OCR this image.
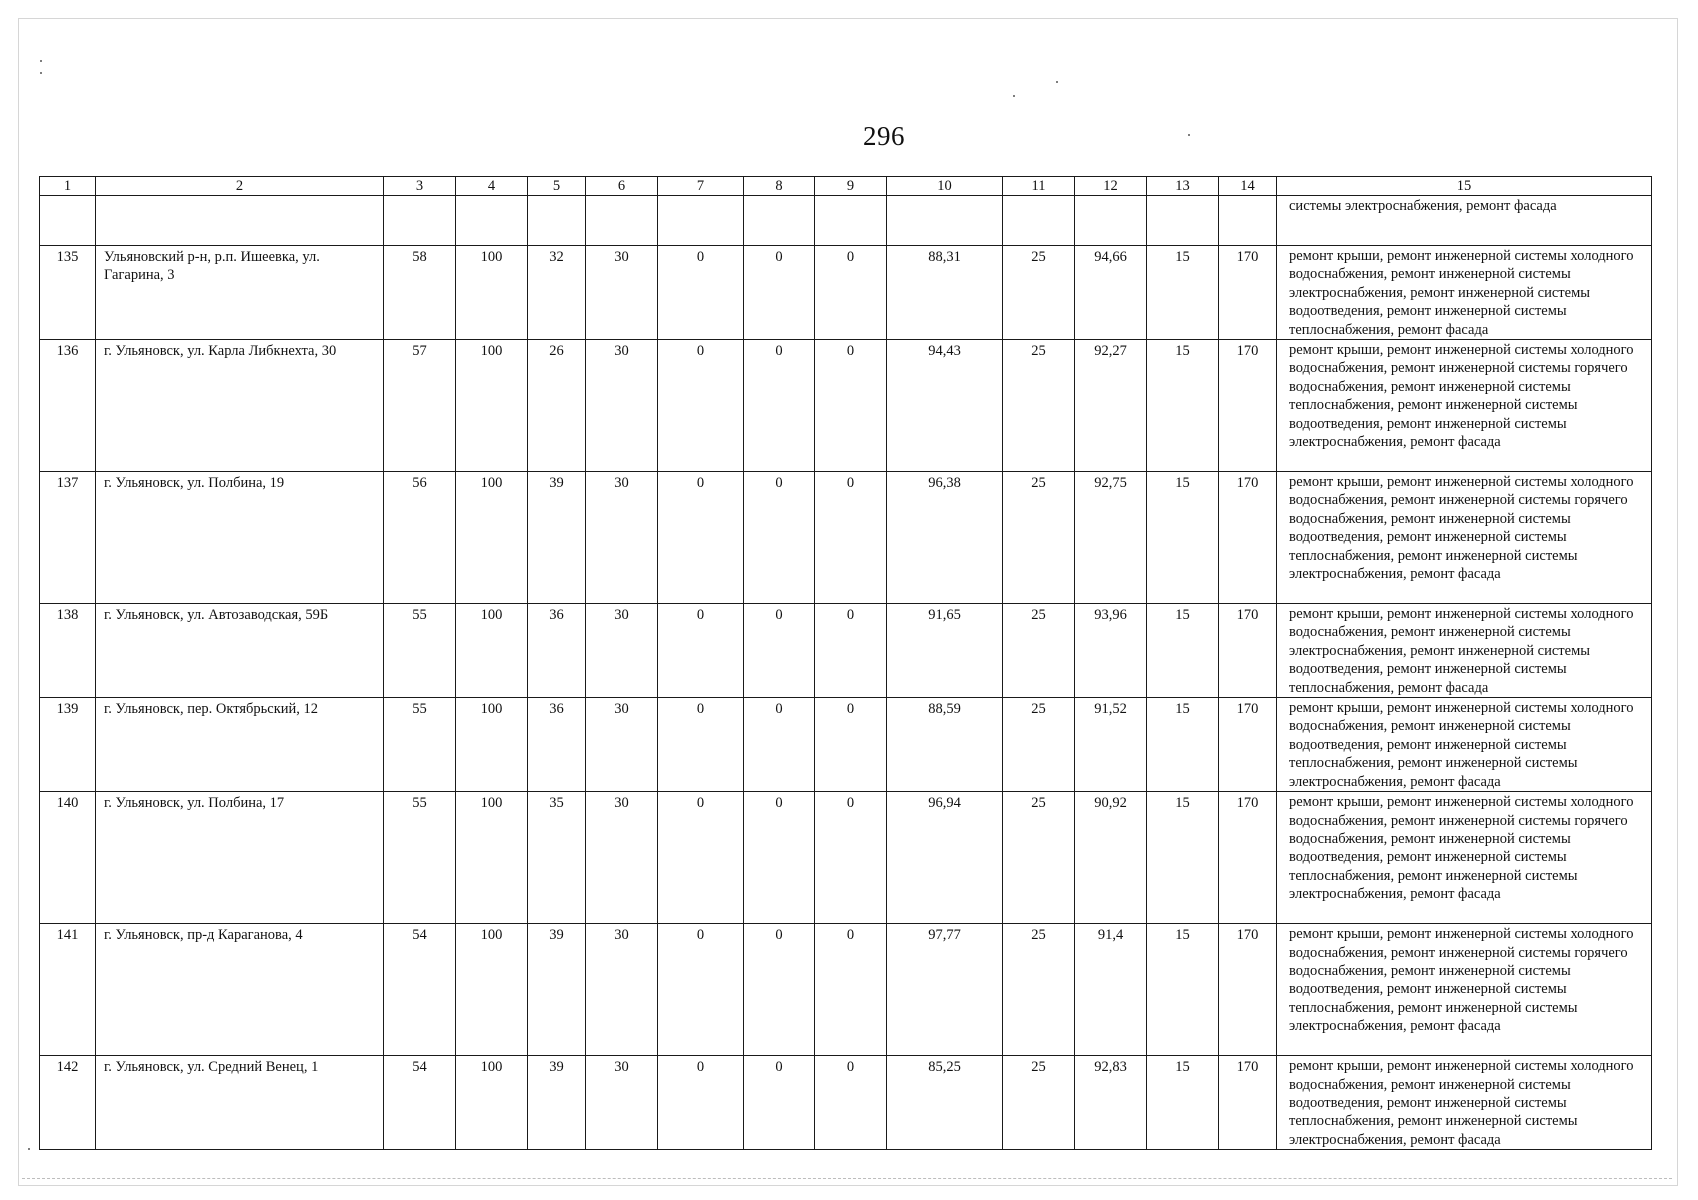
296
1	2	3	4	5	6	7	8	9	10	11	12	13	14	15
														системы электроснабжения, ремонт фасада
135	Ульяновский р-н, р.п. Ишеевка, ул. Гагарина, 3	58	100	32	30	0	0	0	88,31	25	94,66	15	170	ремонт крыши, ремонт инженерной системы холодного водоснабжения, ремонт инженерной системы электроснабжения, ремонт инженерной системы водоотведения, ремонт инженерной системы теплоснабжения, ремонт фасада
136	г. Ульяновск, ул. Карла Либкнехта, 30	57	100	26	30	0	0	0	94,43	25	92,27	15	170	ремонт крыши, ремонт инженерной системы холодного водоснабжения, ремонт инженерной системы горячего водоснабжения, ремонт инженерной системы теплоснабжения, ремонт инженерной системы водоотведения, ремонт инженерной системы электроснабжения, ремонт фасада
137	г. Ульяновск, ул. Полбина, 19	56	100	39	30	0	0	0	96,38	25	92,75	15	170	ремонт крыши, ремонт инженерной системы холодного водоснабжения, ремонт инженерной системы горячего водоснабжения, ремонт инженерной системы водоотведения, ремонт инженерной системы теплоснабжения, ремонт инженерной системы электроснабжения, ремонт фасада
138	г. Ульяновск, ул. Автозаводская, 59Б	55	100	36	30	0	0	0	91,65	25	93,96	15	170	ремонт крыши, ремонт инженерной системы холодного водоснабжения, ремонт инженерной системы электроснабжения, ремонт инженерной системы водоотведения, ремонт инженерной системы теплоснабжения, ремонт фасада
139	г. Ульяновск, пер. Октябрьский, 12	55	100	36	30	0	0	0	88,59	25	91,52	15	170	ремонт крыши, ремонт инженерной системы холодного водоснабжения, ремонт инженерной системы водоотведения, ремонт инженерной системы теплоснабжения, ремонт инженерной системы электроснабжения, ремонт фасада
140	г. Ульяновск, ул. Полбина, 17	55	100	35	30	0	0	0	96,94	25	90,92	15	170	ремонт крыши, ремонт инженерной системы холодного водоснабжения, ремонт инженерной системы горячего водоснабжения, ремонт инженерной системы водоотведения, ремонт инженерной системы теплоснабжения, ремонт инженерной системы электроснабжения, ремонт фасада
141	г. Ульяновск, пр-д Караганова, 4	54	100	39	30	0	0	0	97,77	25	91,4	15	170	ремонт крыши, ремонт инженерной системы холодного водоснабжения, ремонт инженерной системы горячего водоснабжения, ремонт инженерной системы водоотведения, ремонт инженерной системы теплоснабжения, ремонт инженерной системы электроснабжения, ремонт фасада
142	г. Ульяновск, ул. Средний Венец, 1	54	100	39	30	0	0	0	85,25	25	92,83	15	170	ремонт крыши, ремонт инженерной системы холодного водоснабжения, ремонт инженерной системы водоотведения, ремонт инженерной системы теплоснабжения, ремонт инженерной системы электроснабжения, ремонт фасада
